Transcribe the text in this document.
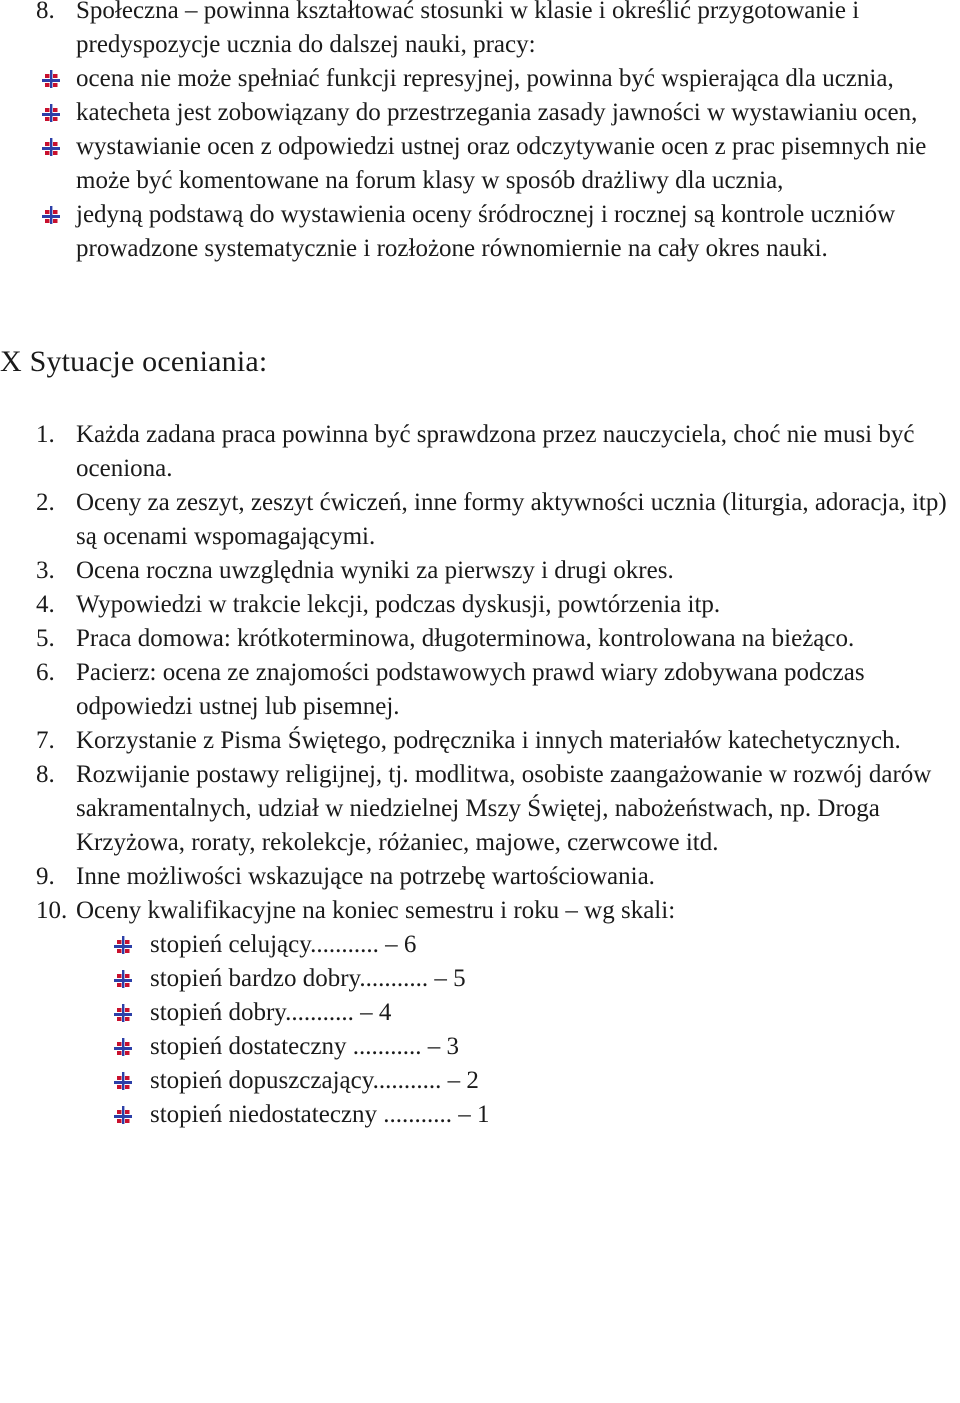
8. Społeczna – powinna kształtować stosunki w klasie i określić przygotowanie i predyspozycje ucznia do dalszej nauki, pracy:
ocena nie może spełniać funkcji represyjnej, powinna być wspierająca dla ucznia,
katecheta jest zobowiązany do przestrzegania zasady jawności w wystawianiu ocen,
wystawianie ocen z odpowiedzi ustnej oraz odczytywanie ocen z prac pisemnych nie może być komentowane na forum klasy w sposób drażliwy dla ucznia,
jedyną podstawą do wystawienia oceny śródrocznej i rocznej są kontrole uczniów prowadzone systematycznie i rozłożone równomiernie na cały okres nauki.
X Sytuacje oceniania:
1. Każda zadana praca powinna być sprawdzona przez nauczyciela, choć nie musi być oceniona.
2. Oceny za zeszyt, zeszyt ćwiczeń, inne formy aktywności ucznia (liturgia, adoracja, itp) są ocenami wspomagającymi.
3. Ocena roczna uwzględnia wyniki za pierwszy i drugi okres.
4. Wypowiedzi w trakcie lekcji, podczas dyskusji, powtórzenia itp.
5. Praca domowa: krótkoterminowa, długoterminowa, kontrolowana na bieżąco.
6. Pacierz: ocena ze znajomości podstawowych prawd wiary zdobywana podczas odpowiedzi ustnej lub pisemnej.
7. Korzystanie z Pisma Świętego, podręcznika i innych materiałów katechetycznych.
8. Rozwijanie postawy religijnej, tj. modlitwa, osobiste zaangażowanie w rozwój darów sakramentalnych, udział w niedzielnej Mszy Świętej, nabożeństwach, np. Droga Krzyżowa, roraty, rekolekcje, różaniec, majowe, czerwcowe itd.
9. Inne możliwości wskazujące na potrzebę wartościowania.
10. Oceny kwalifikacyjne na koniec semestru i roku – wg skali:
stopień celujący........... – 6
stopień bardzo dobry........... – 5
stopień dobry........... – 4
stopień dostateczny ........... – 3
stopień dopuszczający........... – 2
stopień niedostateczny ........... – 1
